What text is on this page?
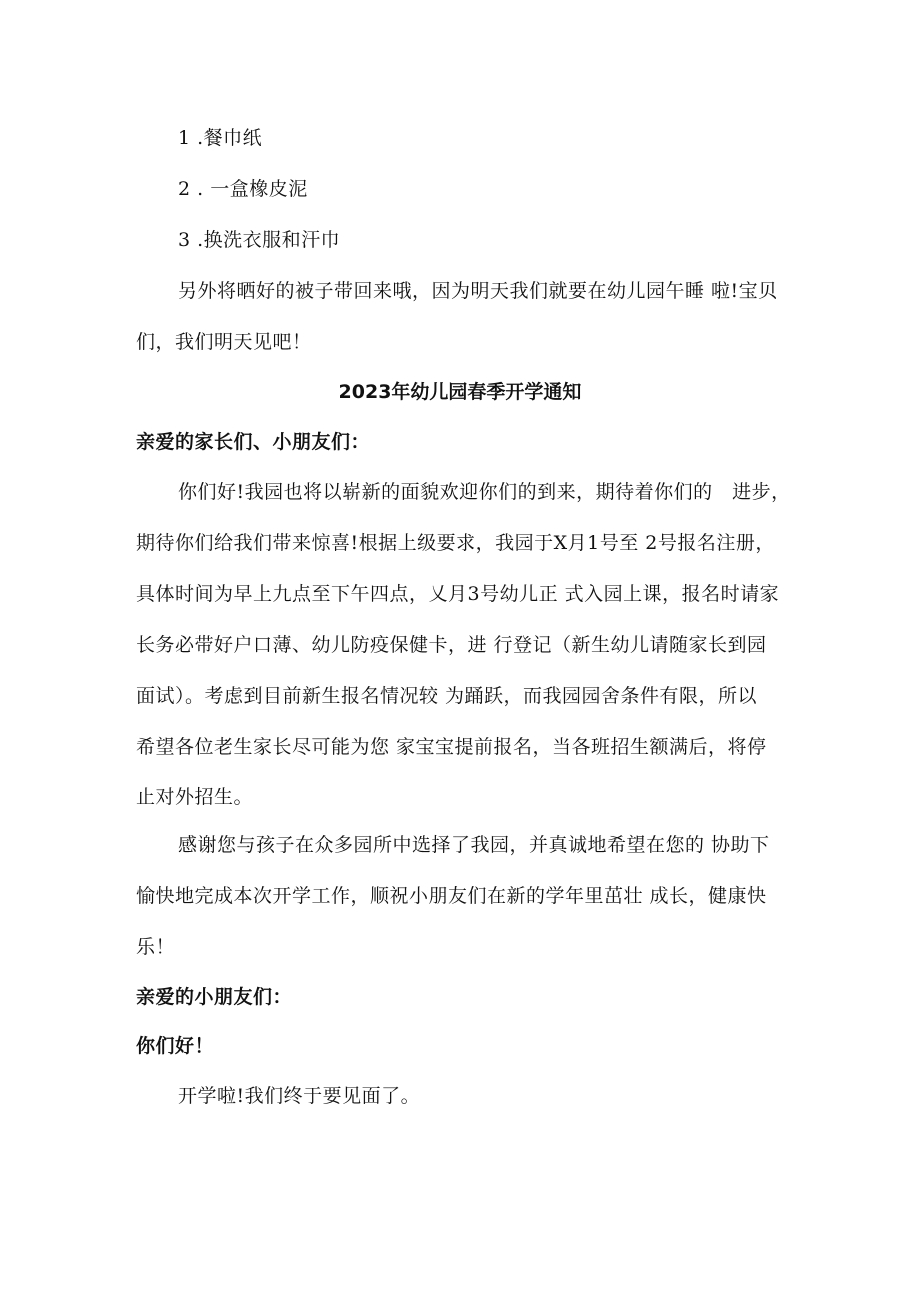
1 .餐巾纸
2 . 一盒橡皮泥
3 .换洗衣服和汗巾
另外将晒好的被子带回来哦，因为明天我们就要在幼儿园午睡 啦!宝贝
们，我们明天见吧！
2023年幼儿园春季开学通知
亲爱的家长们、小朋友们：
你们好!我园也将以崭新的面貌欢迎你们的到来，期待着你们的　进步，
期待你们给我们带来惊喜!根据上级要求，我园于X月1号至 2号报名注册，
具体时间为早上九点至下午四点，乂月3号幼儿正 式入园上课，报名时请家
长务必带好户口薄、幼儿防疫保健卡，进 行登记（新生幼儿请随家长到园
面试）。考虑到目前新生报名情况较 为踊跃，而我园园舍条件有限，所以
希望各位老生家长尽可能为您 家宝宝提前报名，当各班招生额满后，将停
止对外招生。
感谢您与孩子在众多园所中选择了我园，并真诚地希望在您的 协助下
愉快地完成本次开学工作，顺祝小朋友们在新的学年里茁壮 成长，健康快
乐！
亲爱的小朋友们：
你们好！
开学啦!我们终于要见面了。
